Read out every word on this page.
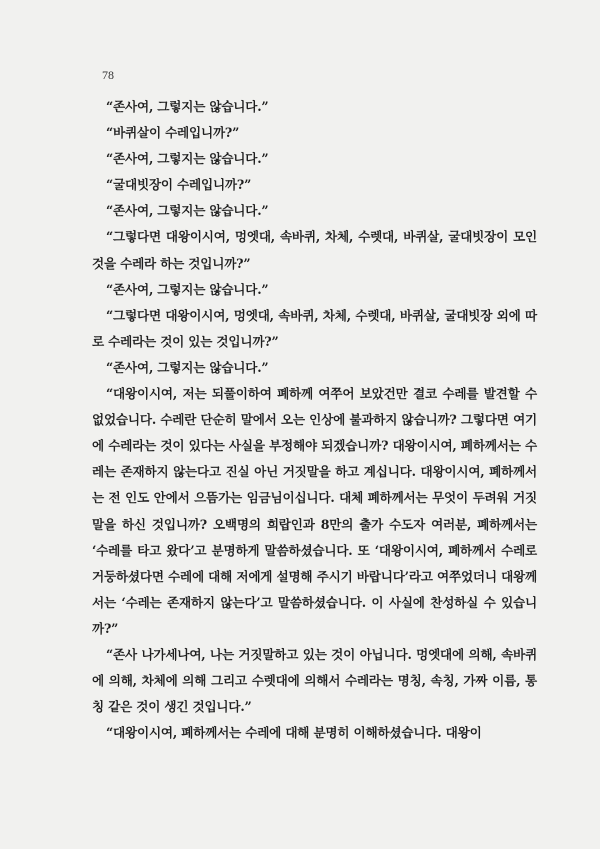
78

“존사여, 그렇지는 않습니다.”

“바퀴살이 수레입니까?”

“존사여, 그렇지는 않습니다.”

“굴대빗장이 수레입니까?”

“존사여, 그렇지는 않습니다.”

“그렇다면 대왕이시여, 멍엣대, 속바퀴, 차체, 수렛대, 바퀴살, 굴대빗장이 모인 것을 수레라 하는 것입니까?”

“존사여, 그렇지는 않습니다.”

“그렇다면 대왕이시여, 멍엣대, 속바퀴, 차체, 수렛대, 바퀴살, 굴대빗장 외에 따로 수레라는 것이 있는 것입니까?”

“존사여, 그렇지는 않습니다.”

“대왕이시여, 저는 되풀이하여 폐하께 여쭈어 보았건만 결코 수레를 발견할 수 없었습니다. 수레란 단순히 말에서 오는 인상에 불과하지 않습니까? 그렇다면 여기에 수레라는 것이 있다는 사실을 부정해야 되겠습니까? 대왕이시여, 폐하께서는 수레는 존재하지 않는다고 진실 아닌 거짓말을 하고 계십니다. 대왕이시여, 폐하께서는 전 인도 안에서 으뜸가는 임금님이십니다. 대체 폐하께서는 무엇이 두려워 거짓말을 하신 것입니까? 오백명의 희랍인과 8만의 출가 수도자 여러분, 폐하께서는 ‘수레를 타고 왔다’고 분명하게 말씀하셨습니다. 또 ‘대왕이시여, 폐하께서 수레로 거둥하셨다면 수레에 대해 저에게 설명해 주시기 바랍니다’라고 여쭈었더니 대왕께서는 ‘수레는 존재하지 않는다’고 말씀하셨습니다. 이 사실에 찬성하실 수 있습니까?”

“존사 나가세나여, 나는 거짓말하고 있는 것이 아닙니다. 멍엣대에 의해, 속바퀴에 의해, 차체에 의해 그리고 수렛대에 의해서 수레라는 명칭, 속칭, 가짜 이름, 통칭 같은 것이 생긴 것입니다.”

“대왕이시여, 폐하께서는 수레에 대해 분명히 이해하셨습니다. 대왕이
